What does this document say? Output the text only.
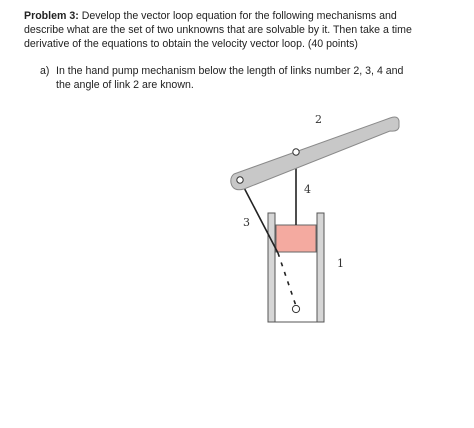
Problem 3: Develop the vector loop equation for the following mechanisms and
describe what are the set of two unknowns that are solvable by it. Then take a time
derivative of the equations to obtain the velocity vector loop. (40 points)
a) In the hand pump mechanism below the length of links number 2, 3, 4 and
the angle of link 2 are known.
2
4
3
1
